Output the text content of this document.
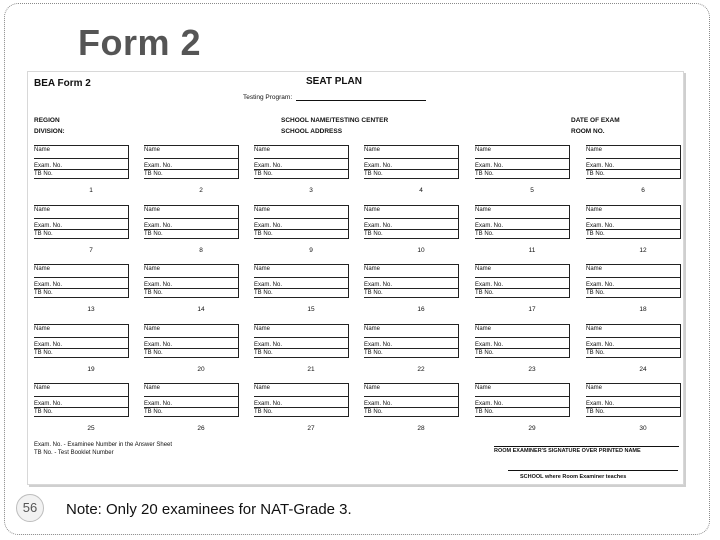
Form 2
BEA Form 2	SEAT PLAN
Testing Program:
REGION
DIVISION:
SCHOOL NAME/TESTING CENTER
SCHOOL ADDRESS
DATE OF EXAM
ROOM NO.
Name
Exam. No.
TB No.
1
Name
Exam. No.
TB No.
2
Name
Exam. No.
TB No.
3
Name
Exam. No.
TB No.
4
Name
Exam. No.
TB No.
5
Name
Exam. No.
TB No.
6
Name
Exam. No.
TB No.
7
Name
Exam. No.
TB No.
8
Name
Exam. No.
TB No.
9
Name
Exam. No.
TB No.
10
Name
Exam. No.
TB No.
11
Name
Exam. No.
TB No.
12
Name
Exam. No.
TB No.
13
Name
Exam. No.
TB No.
14
Name
Exam. No.
TB No.
15
Name
Exam. No.
TB No.
16
Name
Exam. No.
TB No.
17
Name
Exam. No.
TB No.
18
Name
Exam. No.
TB No.
19
Name
Exam. No.
TB No.
20
Name
Exam. No.
TB No.
21
Name
Exam. No.
TB No.
22
Name
Exam. No.
TB No.
23
Name
Exam. No.
TB No.
24
Name
Exam. No.
TB No.
25
Name
Exam. No.
TB No.
26
Name
Exam. No.
TB No.
27
Name
Exam. No.
TB No.
28
Name
Exam. No.
TB No.
29
Name
Exam. No.
TB No.
30
Exam. No. - Examinee Number in the Answer Sheet
TB No. - Test Booklet Number	ROOM EXAMINER'S SIGNATURE OVER PRINTED NAME
SCHOOL where Room Examiner teaches
56	Note: Only 20 examinees for NAT-Grade 3.
